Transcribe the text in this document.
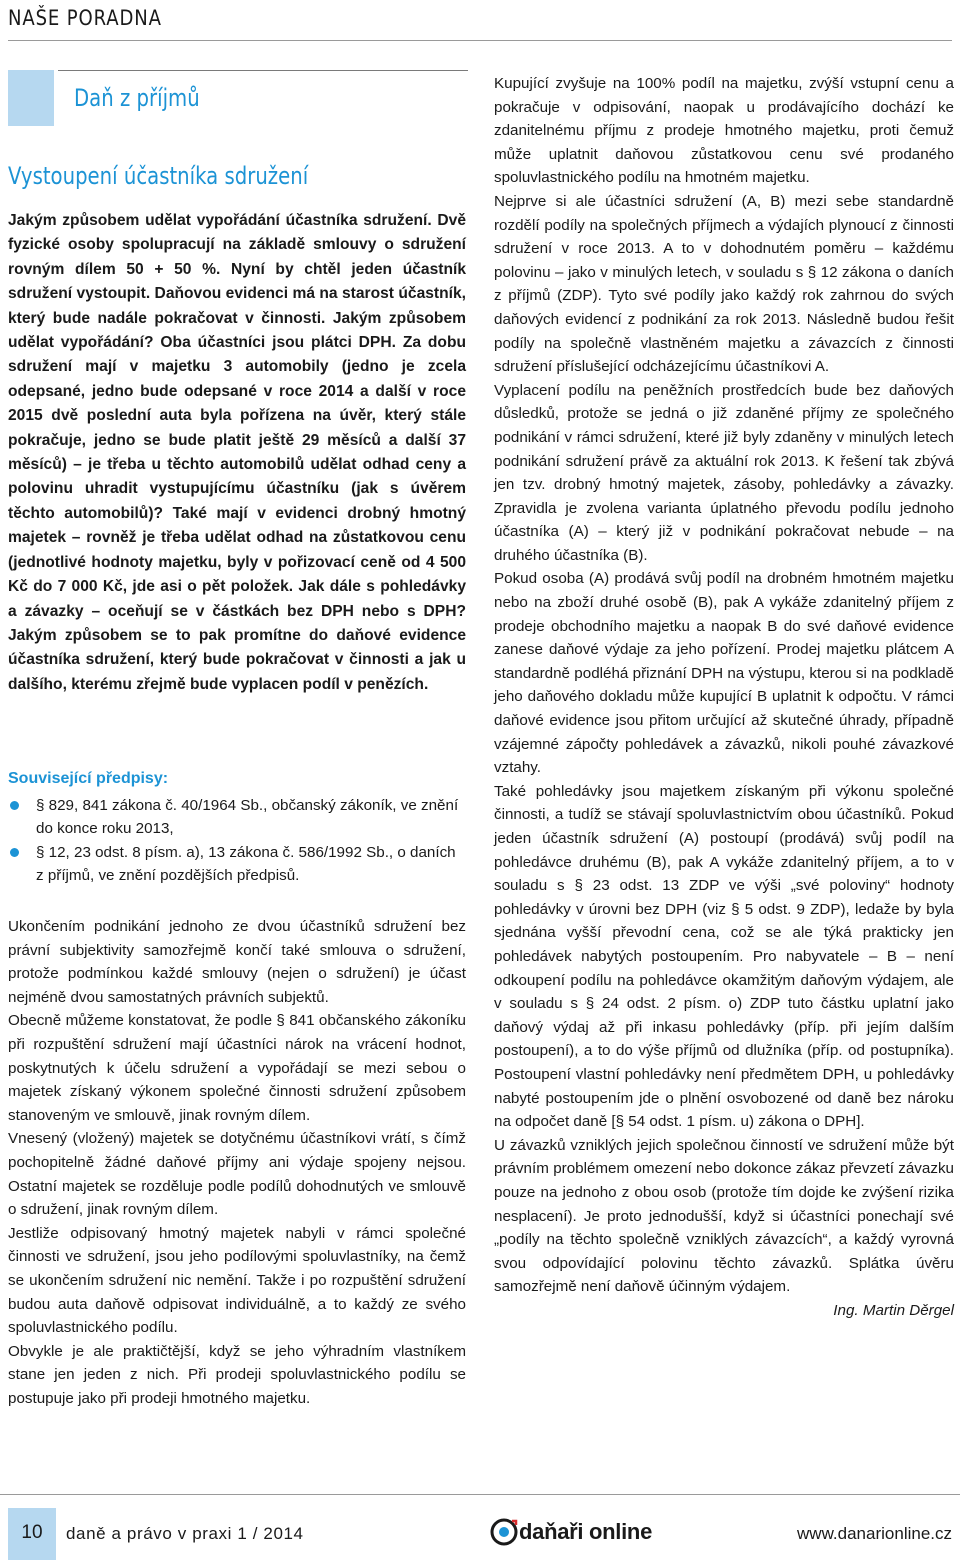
NAŠE PORADNA
Daň z příjmů
Vystoupení účastníka sdružení

Jakým způsobem udělat vypořádání účastníka sdružení. Dvě fyzické osoby spolupracují na základě smlouvy o sdružení rovným dílem 50 + 50 %. Nyní by chtěl jeden účastník sdružení vystoupit. Daňovou evidenci má na starost účastník, který bude nadále pokračovat v činnosti. Jakým způsobem udělat vypořádání? Oba účastníci jsou plátci DPH. Za dobu sdružení mají v majetku 3 automobily (jedno je zcela odepsané, jedno bude odepsané v roce 2014 a další v roce 2015 dvě poslední auta byla pořízena na úvěr, který stále pokračuje, jedno se bude platit ještě 29 měsíců a další 37 měsíců) – je třeba u těchto automobilů udělat odhad ceny a polovinu uhradit vystupujícímu účastníku (jak s úvěrem těchto automobilů)? Také mají v evidenci drobný hmotný majetek – rovněž je třeba udělat odhad na zůstatkovou cenu (jednotlivé hodnoty majetku, byly v pořizovací ceně od 4 500 Kč do 7 000 Kč, jde asi o pět položek. Jak dále s pohledávky a závazky – oceňují se v částkách bez DPH nebo s DPH? Jakým způsobem se to pak promítne do daňové evidence účastníka sdružení, který bude pokračovat v činnosti a jak u dalšího, kterému zřejmě bude vyplacen podíl v penězích.

Související předpisy:
§ 829, 841 zákona č. 40/1964 Sb., občanský zákoník, ve znění do konce roku 2013,
§ 12, 23 odst. 8 písm. a), 13 zákona č. 586/1992 Sb., o daních z příjmů, ve znění pozdějších předpisů.

Ukončením podnikání jednoho ze dvou účastníků sdružení bez právní subjektivity samozřejmě končí také smlouva o sdružení, protože podmínkou každé smlouvy (nejen o sdružení) je účast nejméně dvou samostatných právních subjektů.

Obecně můžeme konstatovat, že podle § 841 občanského zákoníku při rozpuštění sdružení mají účastníci nárok na vrácení hodnot, poskytnutých k účelu sdružení a vypořádají se mezi sebou o majetek získaný výkonem společné činnosti sdružení způsobem stanoveným ve smlouvě, jinak rovným dílem.

Vnesený (vložený) majetek se dotyčnému účastníkovi vrátí, s čímž pochopitelně žádné daňové příjmy ani výdaje spojeny nejsou. Ostatní majetek se rozděluje podle podílů dohodnutých ve smlouvě o sdružení, jinak rovným dílem.

Jestliže odpisovaný hmotný majetek nabyli v rámci společné činnosti ve sdružení, jsou jeho podílovými spoluvlastníky, na čemž se ukončením sdružení nic nemění. Takže i po rozpuštění sdružení budou auta daňově odpisovat individuálně, a to každý ze svého spoluvlastnického podílu.

Obvykle je ale praktičtější, když se jeho výhradním vlastníkem stane jen jeden z nich. Při prodeji spoluvlastnického podílu se postupuje jako při prodeji hmotného majetku.

Kupující zvyšuje na 100% podíl na majetku, zvýší vstupní cenu a pokračuje v odpisování, naopak u prodávajícího dochází ke zdanitelnému příjmu z prodeje hmotného majetku, proti čemuž může uplatnit daňovou zůstatkovou cenu své prodaného spoluvlastnického podílu na hmotném majetku.

Nejprve si ale účastníci sdružení (A, B) mezi sebe standardně rozdělí podíly na společných příjmech a výdajích plynoucí z činnosti sdružení v roce 2013. A to v dohodnutém poměru – každému polovinu – jako v minulých letech, v souladu s § 12 zákona o daních z příjmů (ZDP). Tyto své podíly jako každý rok zahrnou do svých daňových evidencí z podnikání za rok 2013. Následně budou řešit podíly na společně vlastněném majetku a závazcích z činnosti sdružení příslušející odcházejícímu účastníkovi A.

Vyplacení podílu na peněžních prostředcích bude bez daňových důsledků, protože se jedná o již zdaněné příjmy ze společného podnikání v rámci sdružení, které již byly zdaněny v minulých letech podnikání sdružení právě za aktuální rok 2013. K řešení tak zbývá jen tzv. drobný hmotný majetek, zásoby, pohledávky a závazky. Zpravidla je zvolena varianta úplatného převodu podílu jednoho účastníka (A) – který již v podnikání pokračovat nebude – na druhého účastníka (B).

Pokud osoba (A) prodává svůj podíl na drobném hmotném majetku nebo na zboží druhé osobě (B), pak A vykáže zdanitelný příjem z prodeje obchodního majetku a naopak B do své daňové evidence zanese daňové výdaje za jeho pořízení. Prodej majetku plátcem A standardně podléhá přiznání DPH na výstupu, kterou si na podkladě jeho daňového dokladu může kupující B uplatnit k odpočtu. V rámci daňové evidence jsou přitom určující až skutečné úhrady, případně vzájemné zápočty pohledávek a závazků, nikoli pouhé závazkové vztahy.

Také pohledávky jsou majetkem získaným při výkonu společné činnosti, a tudíž se stávají spoluvlastnictvím obou účastníků. Pokud jeden účastník sdružení (A) postoupí (prodává) svůj podíl na pohledávce druhému (B), pak A vykáže zdanitelný příjem, a to v souladu s § 23 odst. 13 ZDP ve výši „své poloviny“ hodnoty pohledávky v úrovni bez DPH (viz § 5 odst. 9 ZDP), ledaže by byla sjednána vyšší převodní cena, což se ale týká prakticky jen pohledávek nabytých postoupením. Pro nabyvatele – B – není odkoupení podílu na pohledávce okamžitým daňovým výdajem, ale v souladu s § 24 odst. 2 písm. o) ZDP tuto částku uplatní jako daňový výdaj až při inkasu pohledávky (příp. při jejím dalším postoupení), a to do výše příjmů od dlužníka (příp. od postupníka). Postoupení vlastní pohledávky není předmětem DPH, u pohledávky nabyté postoupením jde o plnění osvobozené od daně bez nároku na odpočet daně [§ 54 odst. 1 písm. u) zákona o DPH].

U závazků vzniklých jejich společnou činností ve sdružení může být právním problémem omezení nebo dokonce zákaz převzetí závazku pouze na jednoho z obou osob (protože tím dojde ke zvýšení rizika nesplacení). Je proto jednodušší, když si účastníci ponechají své „podíly na těchto společně vzniklých závazcích“, a každý vyrovná svou odpovídající polovinu těchto závazků. Splátka úvěru samozřejmě není daňově účinným výdajem.

Ing. Martin Děrgel

10	daně a právo v praxi 1 / 2014	daňaři online	www.danarionline.cz
